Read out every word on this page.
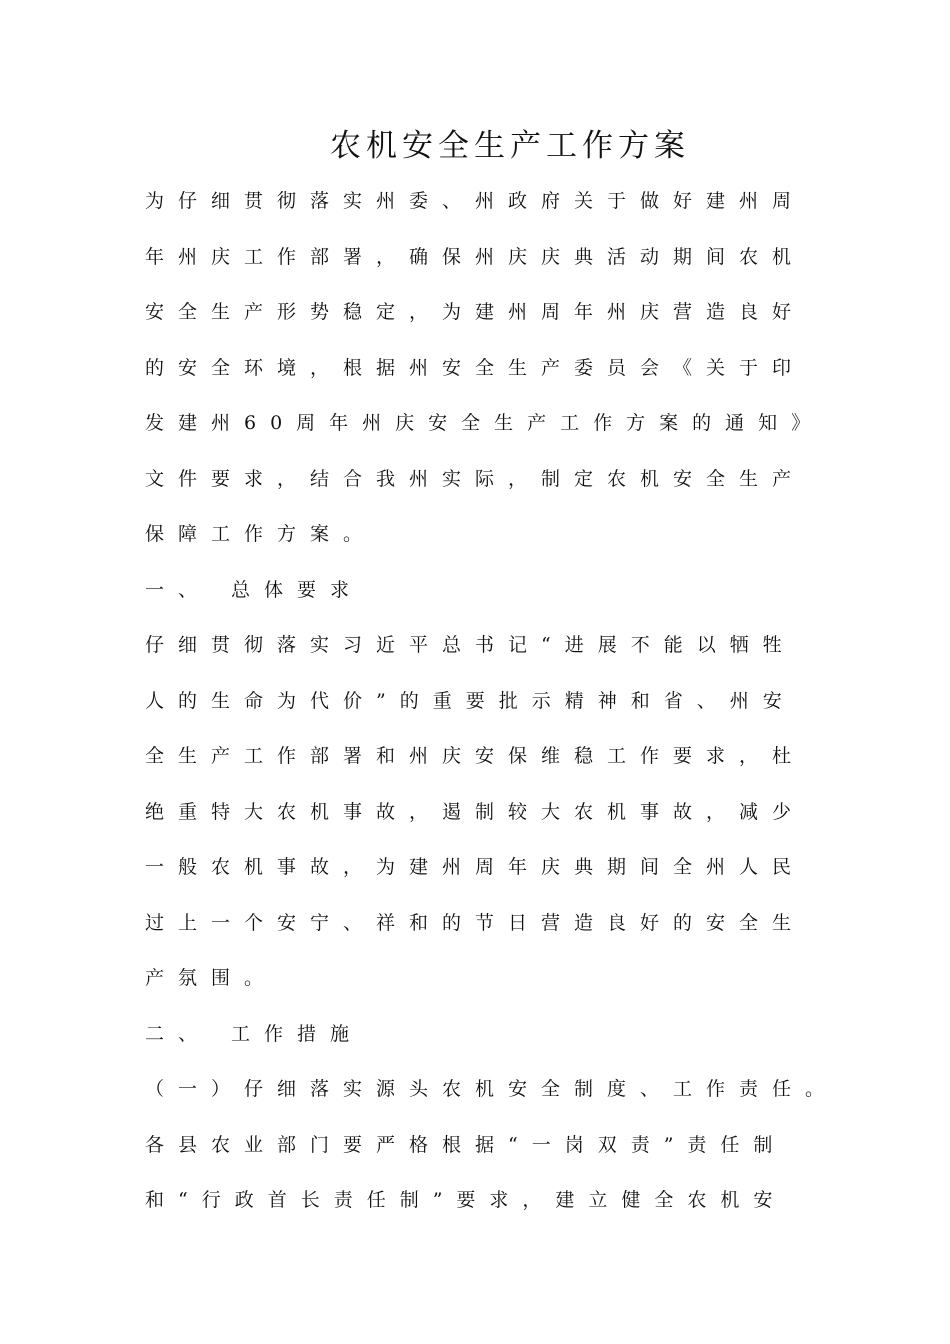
农机安全生产工作方案
为仔细贯彻落实州委、州政府关于做好建州周
年州庆工作部署，确保州庆庆典活动期间农机
安全生产形势稳定，为建州周年州庆营造良好
的安全环境，根据州安全生产委员会《关于印
发建州60周年州庆安全生产工作方案的通知》
文件要求，结合我州实际，制定农机安全生产
保障工作方案。
一、 总体要求
仔细贯彻落实习近平总书记“进展不能以牺牲
人的生命为代价”的重要批示精神和省、州安
全生产工作部署和州庆安保维稳工作要求，杜
绝重特大农机事故，遏制较大农机事故，减少
一般农机事故，为建州周年庆典期间全州人民
过上一个安宁、祥和的节日营造良好的安全生
产氛围。
二、 工作措施
（一）仔细落实源头农机安全制度、工作责任。
各县农业部门要严格根据“一岗双责”责任制
和“行政首长责任制”要求，建立健全农机安
